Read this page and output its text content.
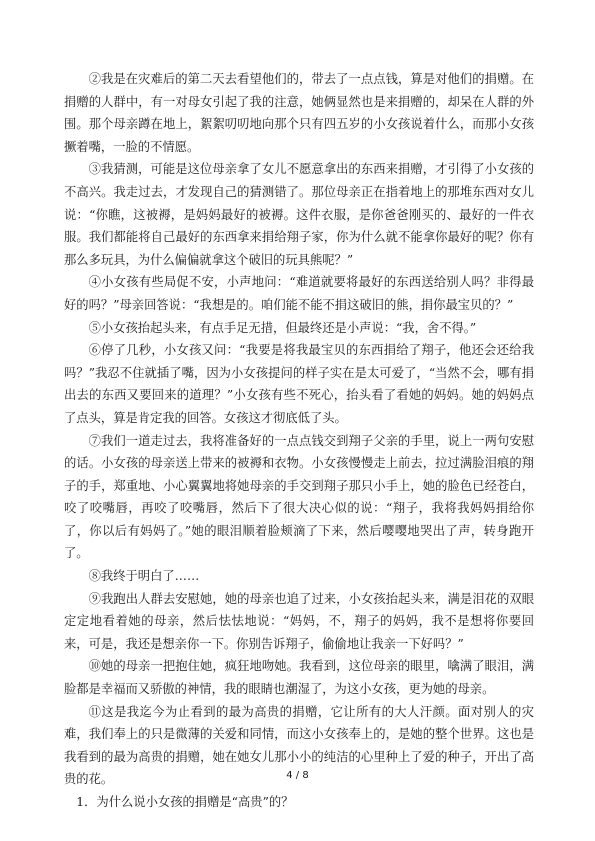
②我是在灾难后的第二天去看望他们的，带去了一点点钱，算是对他们的捐赠。在捐赠的人群中，有一对母女引起了我的注意，她俩显然也是来捐赠的，却呆在人群的外围。那个母亲蹲在地上，絮絮叨叨地向那个只有四五岁的小女孩说着什么，而那小女孩撅着嘴，一脸的不情愿。

③我猜测，可能是这位母亲拿了女儿不愿意拿出的东西来捐赠，才引得了小女孩的不高兴。我走过去，才发现自己的猜测错了。那位母亲正在指着地上的那堆东西对女儿说：“你瞧，这被褥，是妈妈最好的被褥。这件衣服，是你爸爸刚买的、最好的一件衣服。我们都能将自己最好的东西拿来捐给翔子家，你为什么就不能拿你最好的呢？你有那么多玩具，为什么偏偏就拿这个破旧的玩具熊呢？”

④小女孩有些局促不安，小声地问：“难道就要将最好的东西送给别人吗？非得最好的吗？”母亲回答说：“我想是的。咱们能不能不捐这破旧的熊，捐你最宝贝的？”

⑤小女孩抬起头来，有点手足无措，但最终还是小声说：“我，舍不得。”

⑥停了几秒，小女孩又问：“我要是将我最宝贝的东西捐给了翔子，他还会还给我吗？”我忍不住就插了嘴，因为小女孩提问的样子实在是太可爱了，“当然不会，哪有捐出去的东西又要回来的道理？”小女孩有些不死心，抬头看了看她的妈妈。她的妈妈点了点头，算是肯定我的回答。女孩这才彻底低了头。

⑦我们一道走过去，我将准备好的一点点钱交到翔子父亲的手里，说上一两句安慰的话。小女孩的母亲送上带来的被褥和衣物。小女孩慢慢走上前去，拉过满脸泪痕的翔子的手，郑重地、小心翼翼地将她母亲的手交到翔子那只小手上，她的脸色已经苍白，咬了咬嘴唇，再咬了咬嘴唇，然后下了很大决心似的说：“翔子，我将我妈妈捐给你了，你以后有妈妈了。”她的眼泪顺着脸颊滴了下来，然后嘤嘤地哭出了声，转身跑开了。

⑧我终于明白了……

⑨我跑出人群去安慰她，她的母亲也追了过来，小女孩抬起头来，满是泪花的双眼定定地看着她的母亲，然后怯怯地说：“妈妈，不，翔子的妈妈，我不是想将你要回来，可是，我还是想亲你一下。你别告诉翔子，偷偷地让我亲一下好吗？”

⑩她的母亲一把抱住她，疯狂地吻她。我看到，这位母亲的眼里，噙满了眼泪，满脸都是幸福而又骄傲的神情，我的眼睛也潮湿了，为这小女孩，更为她的母亲。

⑪这是我迄今为止看到的最为高贵的捐赠，它让所有的大人汗颜。面对别人的灾难，我们奉上的只是微薄的关爱和同情，而这小女孩奉上的，是她的整个世界。这也是我看到的最为高贵的捐赠，她在她女儿那小小的纯洁的心里种上了爱的种子，开出了高贵的花。

1．为什么说小女孩的捐赠是“高贵”的？

4 / 8
